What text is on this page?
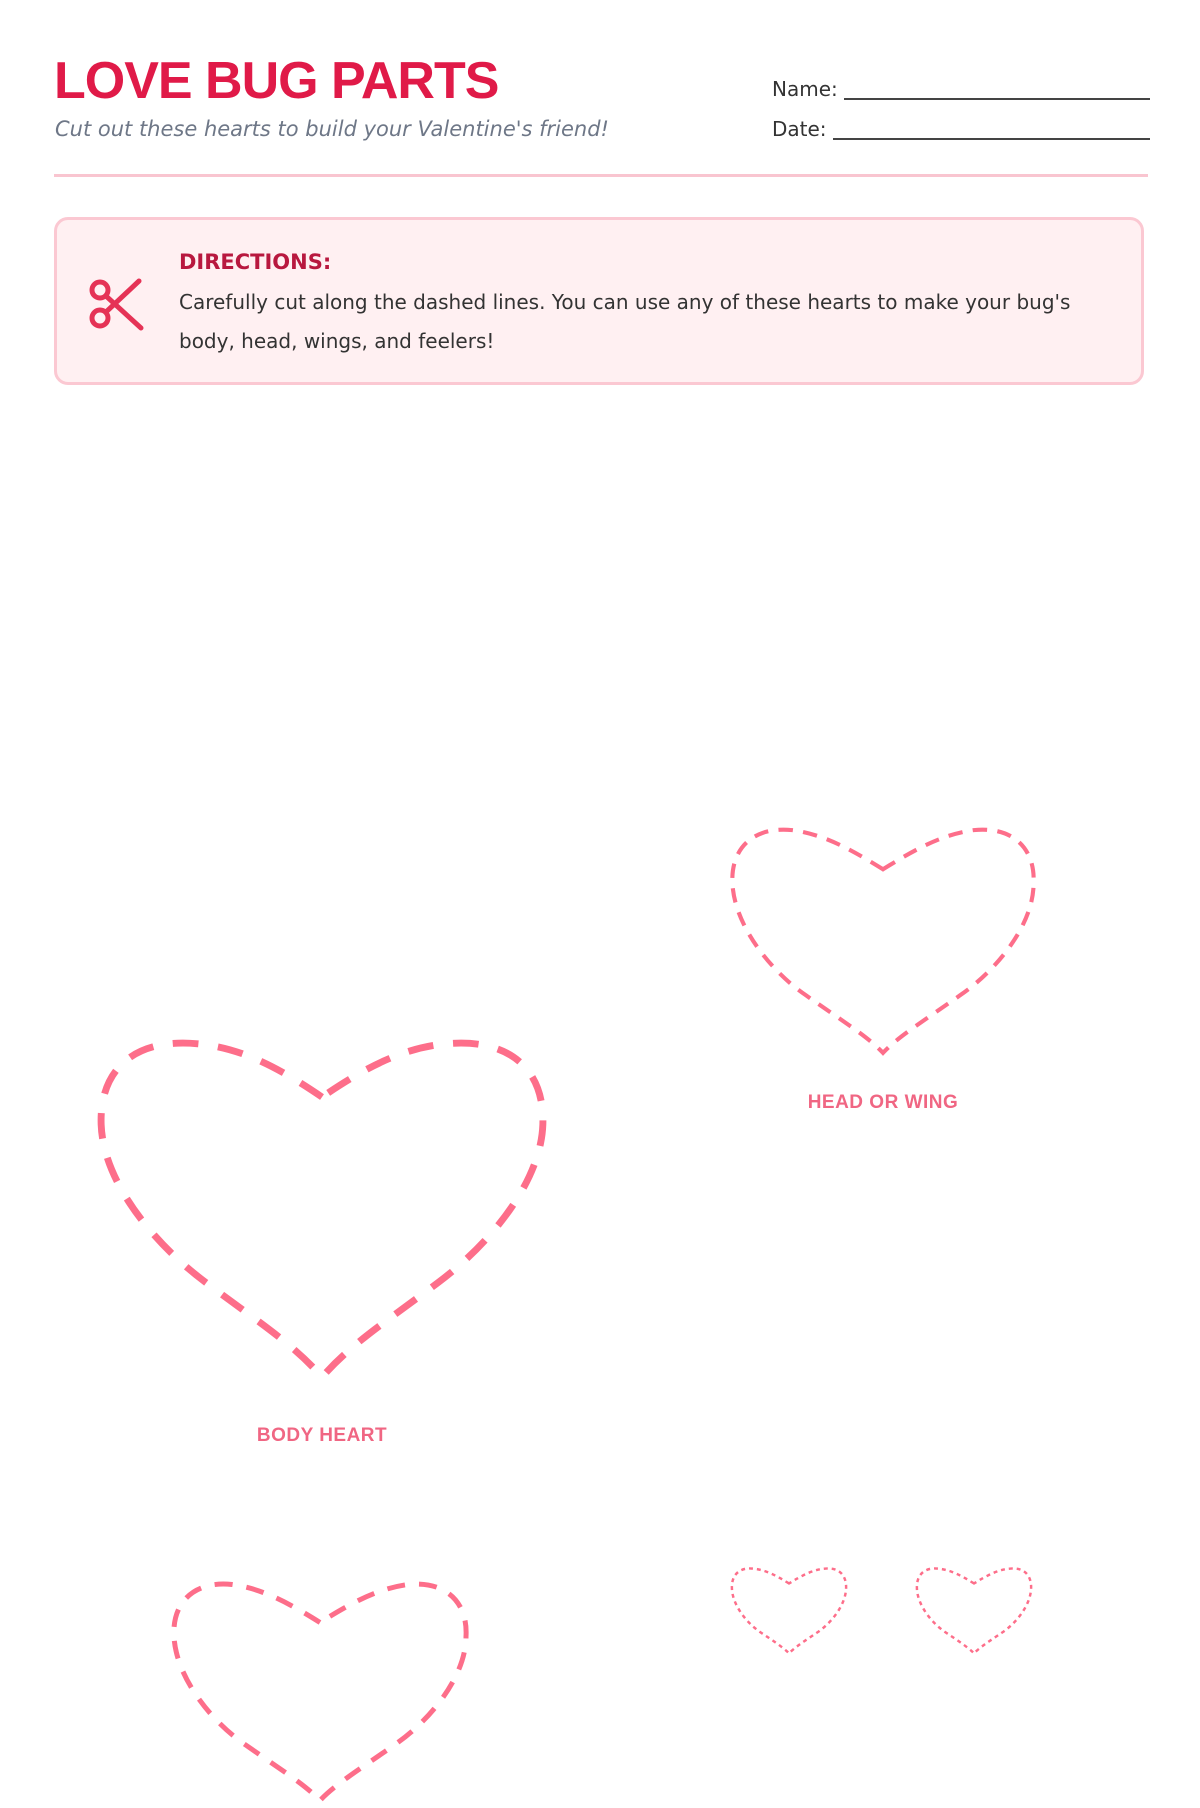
LOVE BUG PARTS
Cut out these hearts to build your Valentine's friend!
Name:
Date:
DIRECTIONS:
Carefully cut along the dashed lines. You can use any of these hearts to make your bug's body, head, wings, and feelers!
HEAD OR WING
BODY HEART
